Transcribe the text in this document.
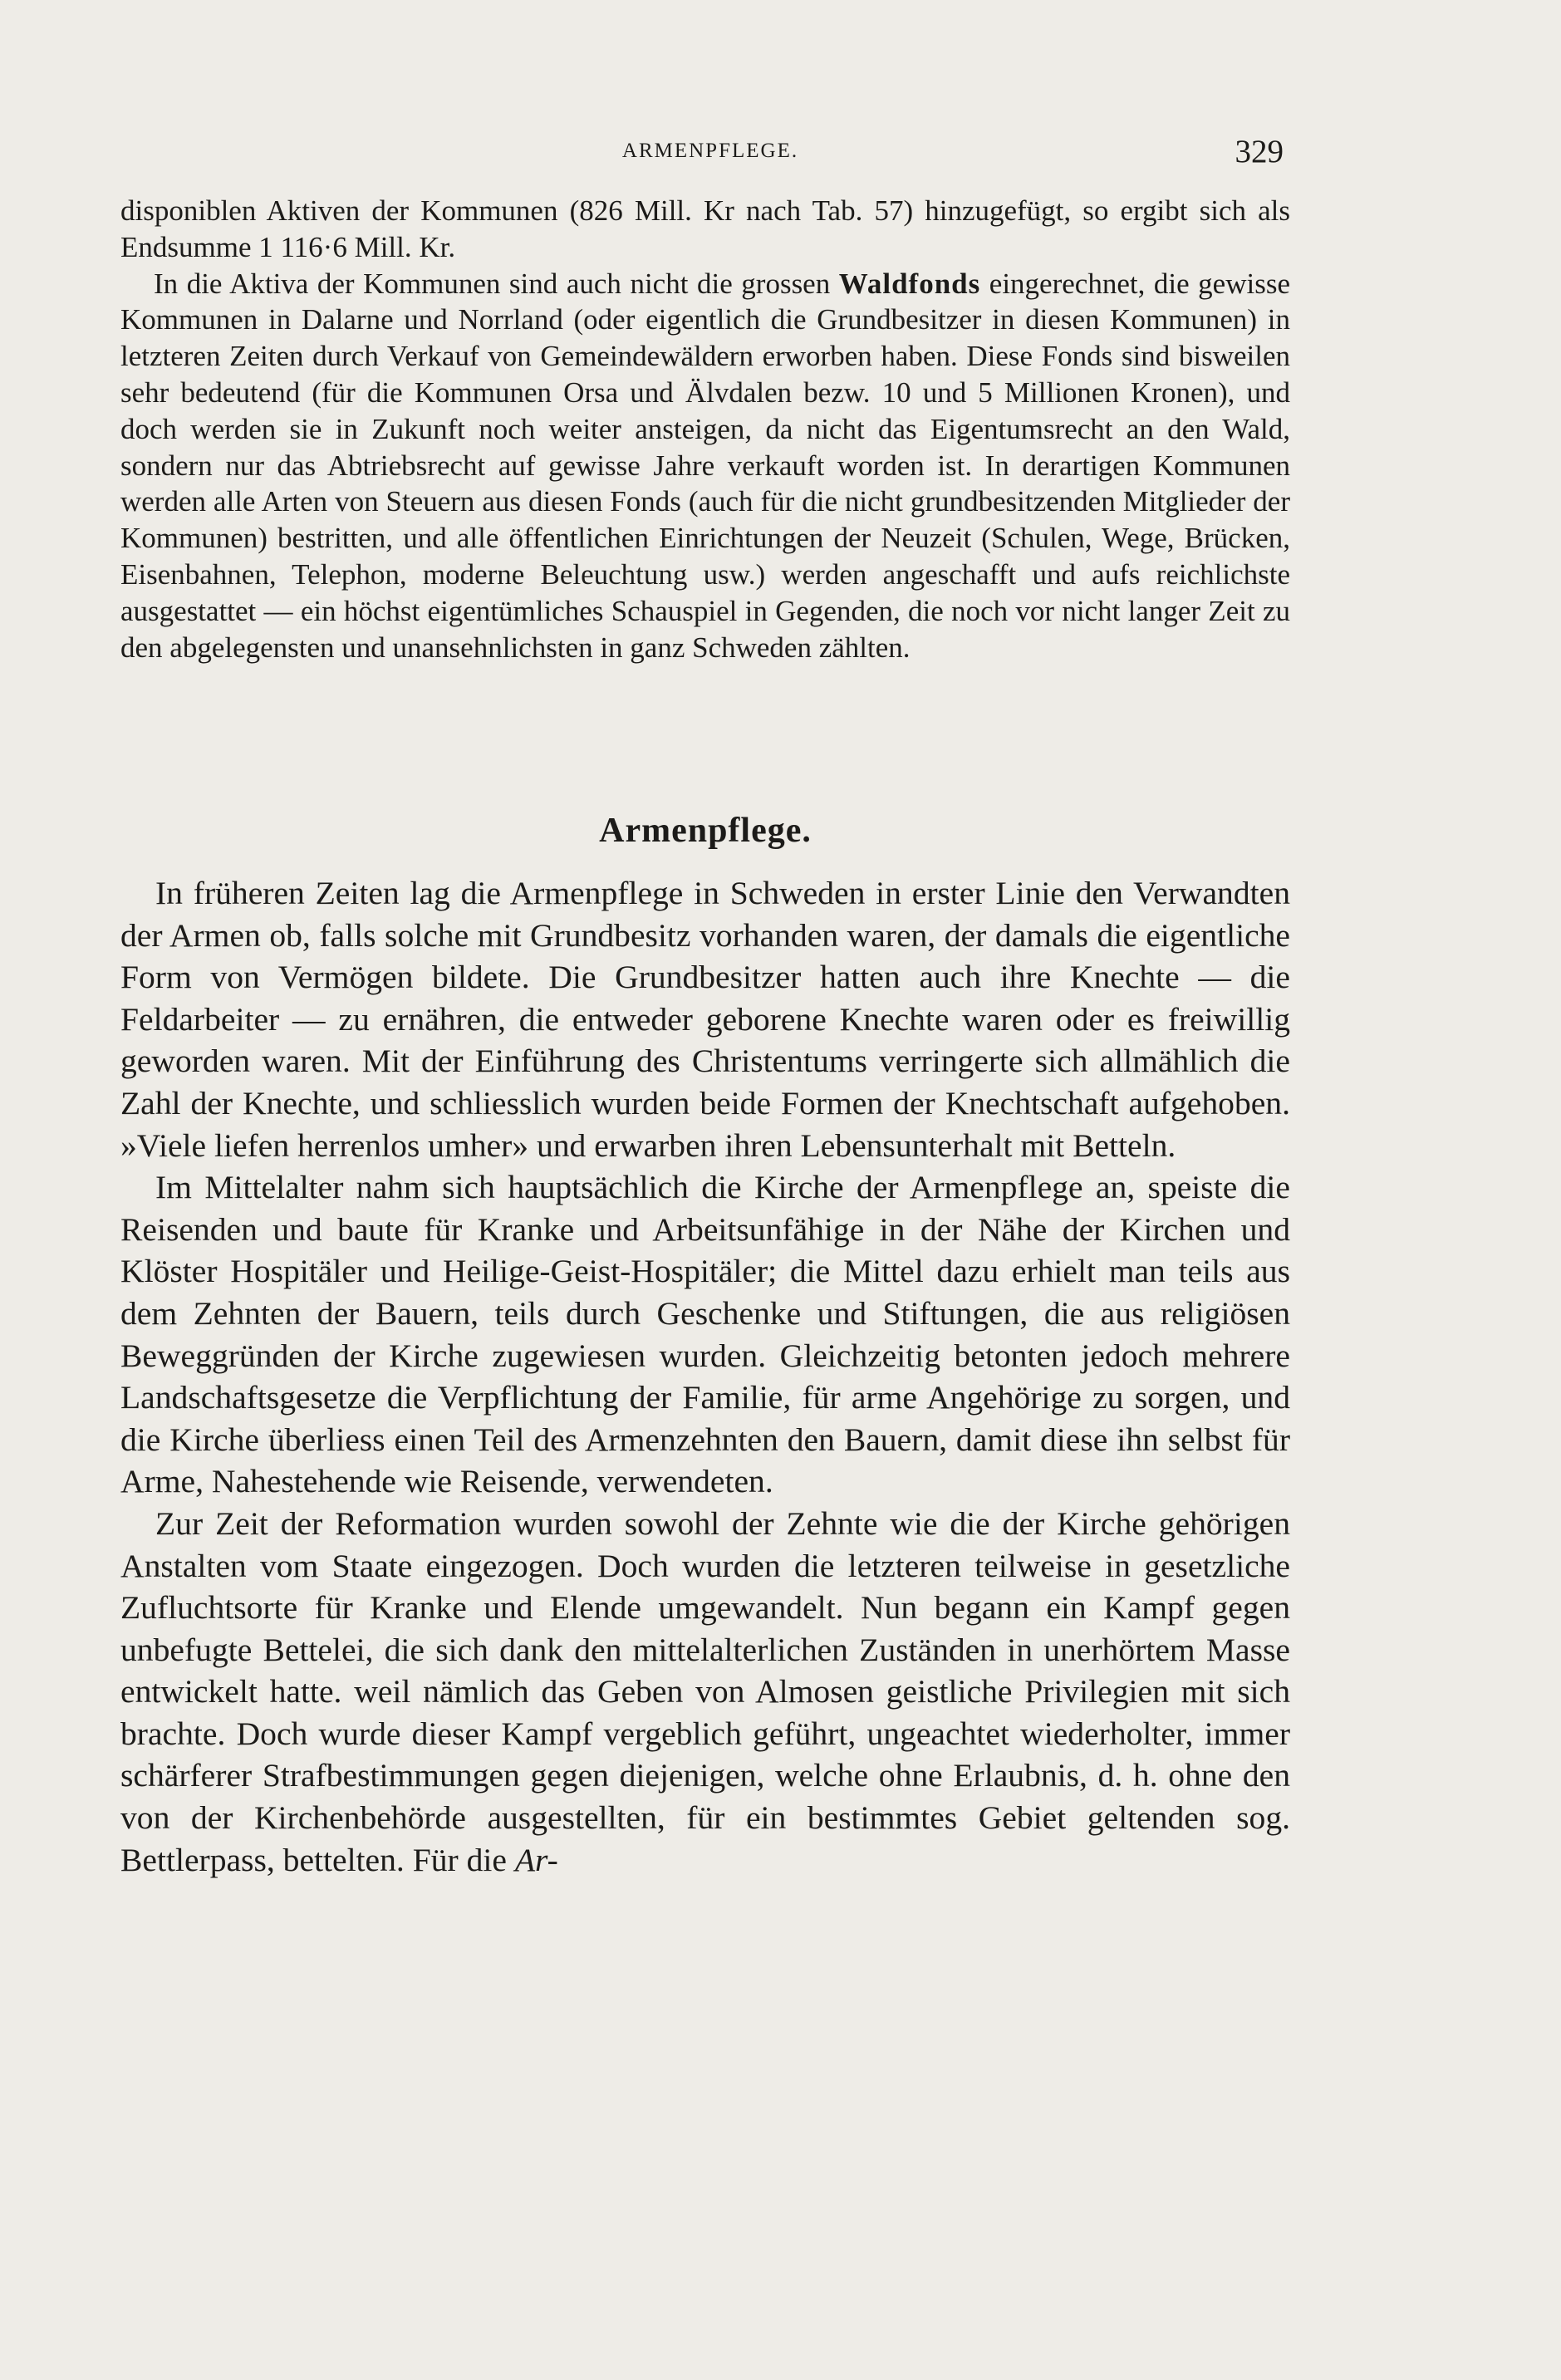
ARMENPFLEGE.	329

disponiblen Aktiven der Kommunen (826 Mill. Kr nach Tab. 57) hinzugefügt, so ergibt sich als Endsumme 1 116·6 Mill. Kr.

In die Aktiva der Kommunen sind auch nicht die grossen Waldfonds eingerechnet, die gewisse Kommunen in Dalarne und Norrland (oder eigentlich die Grundbesitzer in diesen Kommunen) in letzteren Zeiten durch Verkauf von Gemeindewäldern erworben haben. Diese Fonds sind bisweilen sehr bedeutend (für die Kommunen Orsa und Älvdalen bezw. 10 und 5 Millionen Kronen), und doch werden sie in Zukunft noch weiter ansteigen, da nicht das Eigentumsrecht an den Wald, sondern nur das Abtriebsrecht auf gewisse Jahre verkauft worden ist. In derartigen Kommunen werden alle Arten von Steuern aus diesen Fonds (auch für die nicht grundbesitzenden Mitglieder der Kommunen) bestritten, und alle öffentlichen Einrichtungen der Neuzeit (Schulen, Wege, Brücken, Eisenbahnen, Telephon, moderne Beleuchtung usw.) werden angeschafft und aufs reichlichste ausgestattet — ein höchst eigentümliches Schauspiel in Gegenden, die noch vor nicht langer Zeit zu den abgelegensten und unansehnlichsten in ganz Schweden zählten.

Armenpflege.

In früheren Zeiten lag die Armenpflege in Schweden in erster Linie den Verwandten der Armen ob, falls solche mit Grundbesitz vorhanden waren, der damals die eigentliche Form von Vermögen bildete. Die Grundbesitzer hatten auch ihre Knechte — die Feldarbeiter — zu ernähren, die entweder geborene Knechte waren oder es freiwillig geworden waren. Mit der Einführung des Christentums verringerte sich allmählich die Zahl der Knechte, und schliesslich wurden beide Formen der Knechtschaft aufgehoben. »Viele liefen herrenlos umher» und erwarben ihren Lebensunterhalt mit Betteln.

Im Mittelalter nahm sich hauptsächlich die Kirche der Armenpflege an, speiste die Reisenden und baute für Kranke und Arbeitsunfähige in der Nähe der Kirchen und Klöster Hospitäler und Heilige-Geist-Hospitäler; die Mittel dazu erhielt man teils aus dem Zehnten der Bauern, teils durch Geschenke und Stiftungen, die aus religiösen Beweggründen der Kirche zugewiesen wurden. Gleichzeitig betonten jedoch mehrere Landschaftsgesetze die Verpflichtung der Familie, für arme Angehörige zu sorgen, und die Kirche überliess einen Teil des Armenzehnten den Bauern, damit diese ihn selbst für Arme, Nahestehende wie Reisende, verwendeten.

Zur Zeit der Reformation wurden sowohl der Zehnte wie die der Kirche gehörigen Anstalten vom Staate eingezogen. Doch wurden die letzteren teilweise in gesetzliche Zufluchtsorte für Kranke und Elende umgewandelt. Nun begann ein Kampf gegen unbefugte Bettelei, die sich dank den mittelalterlichen Zuständen in unerhörtem Masse entwickelt hatte. weil nämlich das Geben von Almosen geistliche Privilegien mit sich brachte. Doch wurde dieser Kampf vergeblich geführt, ungeachtet wiederholter, immer schärferer Strafbestimmungen gegen diejenigen, welche ohne Erlaubnis, d. h. ohne den von der Kirchenbehörde ausgestellten, für ein bestimmtes Gebiet geltenden sog. Bettlerpass, bettelten. Für die Ar-
